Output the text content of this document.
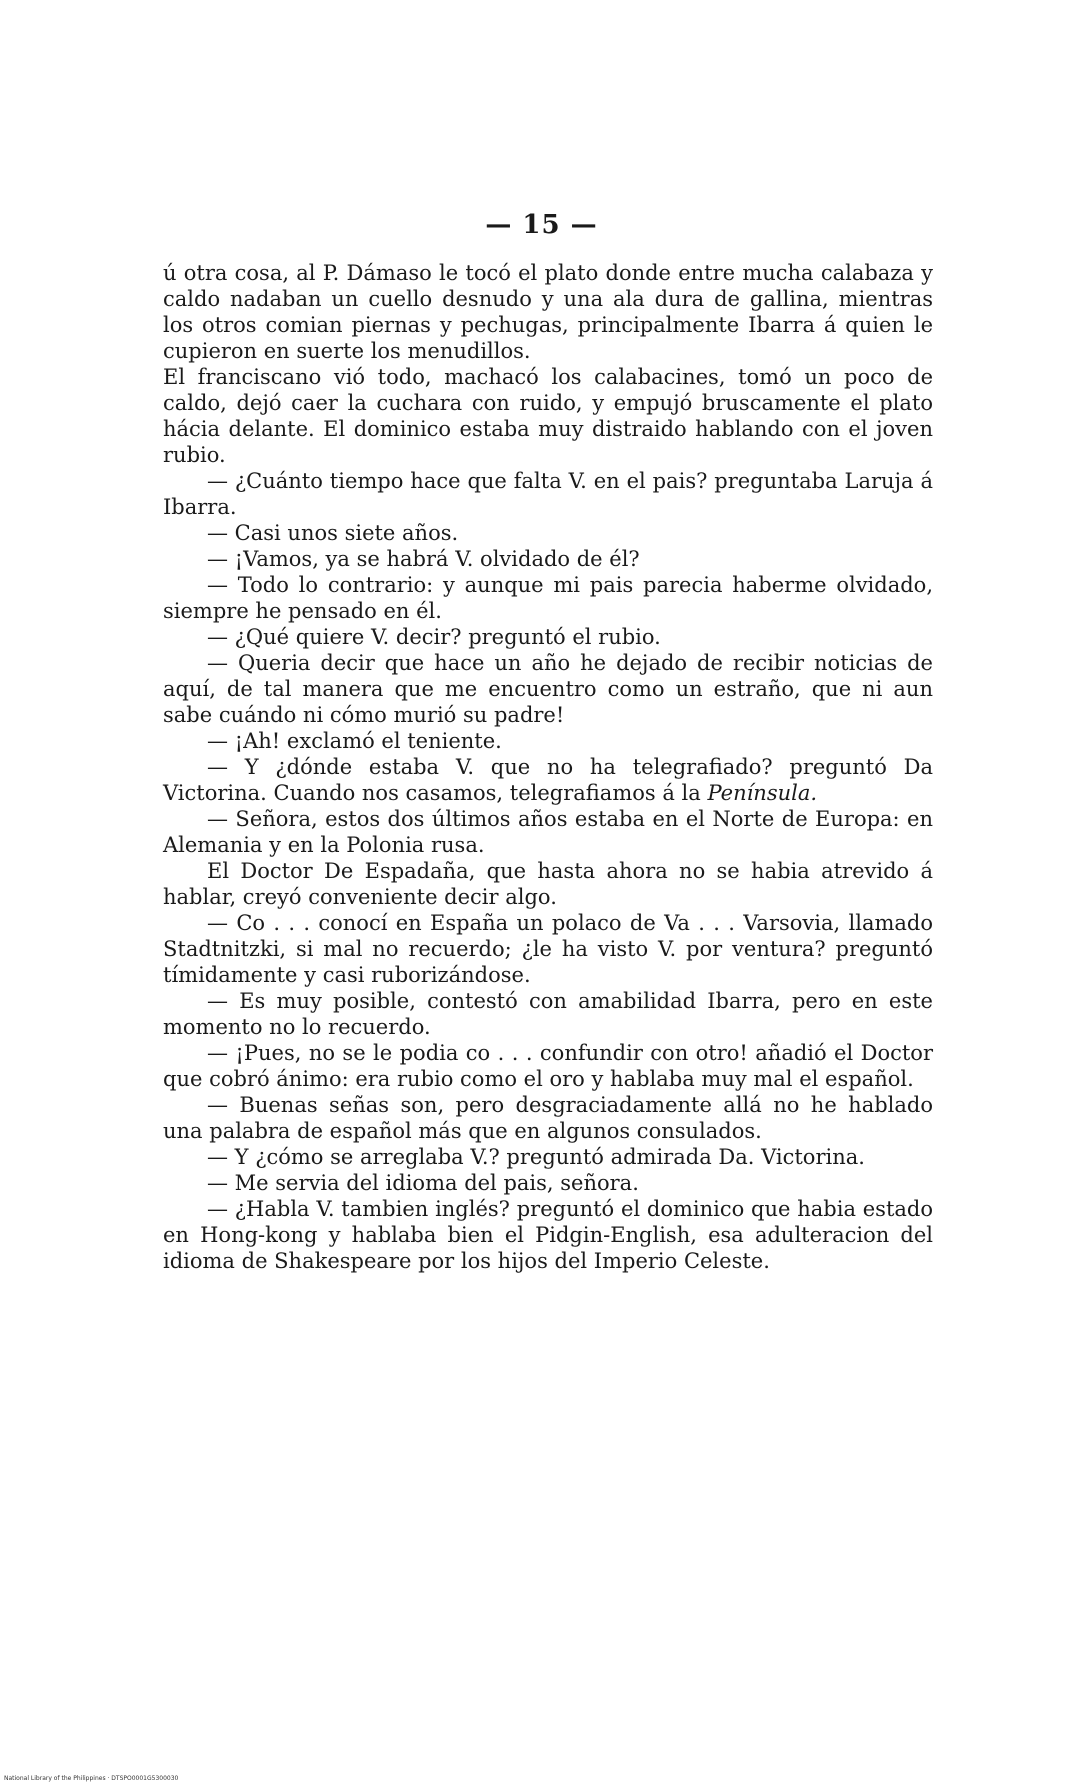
— 15 —

ú otra cosa, al P. Dámaso le tocó el plato donde entre mucha calabaza y caldo nadaban un cuello desnudo y una ala dura de gallina, mientras los otros comian piernas y pechugas, principalmente Ibarra á quien le cupieron en suerte los menudillos.

El franciscano vió todo, machacó los calabacines, tomó un poco de caldo, dejó caer la cuchara con ruido, y empujó bruscamente el plato hácia delante. El dominico estaba muy distraido hablando con el joven rubio.

— ¿Cuánto tiempo hace que falta V. en el pais? preguntaba Laruja á Ibarra.

— Casi unos siete años.

— ¡Vamos, ya se habrá V. olvidado de él?

— Todo lo contrario: y aunque mi pais parecia haberme olvidado, siempre he pensado en él.

— ¿Qué quiere V. decir? preguntó el rubio.

— Queria decir que hace un año he dejado de recibir noticias de aquí, de tal manera que me encuentro como un estraño, que ni aun sabe cuándo ni cómo murió su padre!

— ¡Ah! exclamó el teniente.

— Y ¿dónde estaba V. que no ha telegrafiado? preguntó Da Victorina. Cuando nos casamos, telegrafiamos á la Península.

— Señora, estos dos últimos años estaba en el Norte de Europa: en Alemania y en la Polonia rusa.

El Doctor De Espadaña, que hasta ahora no se habia atrevido á hablar, creyó conveniente decir algo.

— Co . . . conocí en España un polaco de Va . . . Varsovia, llamado Stadtnitzki, si mal no recuerdo; ¿le ha visto V. por ventura? preguntó tímidamente y casi ruborizándose.

— Es muy posible, contestó con amabilidad Ibarra, pero en este momento no lo recuerdo.

— ¡Pues, no se le podia co . . . confundir con otro! añadió el Doctor que cobró ánimo: era rubio como el oro y hablaba muy mal el español.

— Buenas señas son, pero desgraciadamente allá no he hablado una palabra de español más que en algunos consulados.

— Y ¿cómo se arreglaba V.? preguntó admirada Da. Victorina.

— Me servia del idioma del pais, señora.

— ¿Habla V. tambien inglés? preguntó el dominico que habia estado en Hong-kong y hablaba bien el Pidgin-English, esa adulteracion del idioma de Shakespeare por los hijos del Imperio Celeste.

National Library of the Philippines · DTSPO0001G5300030
